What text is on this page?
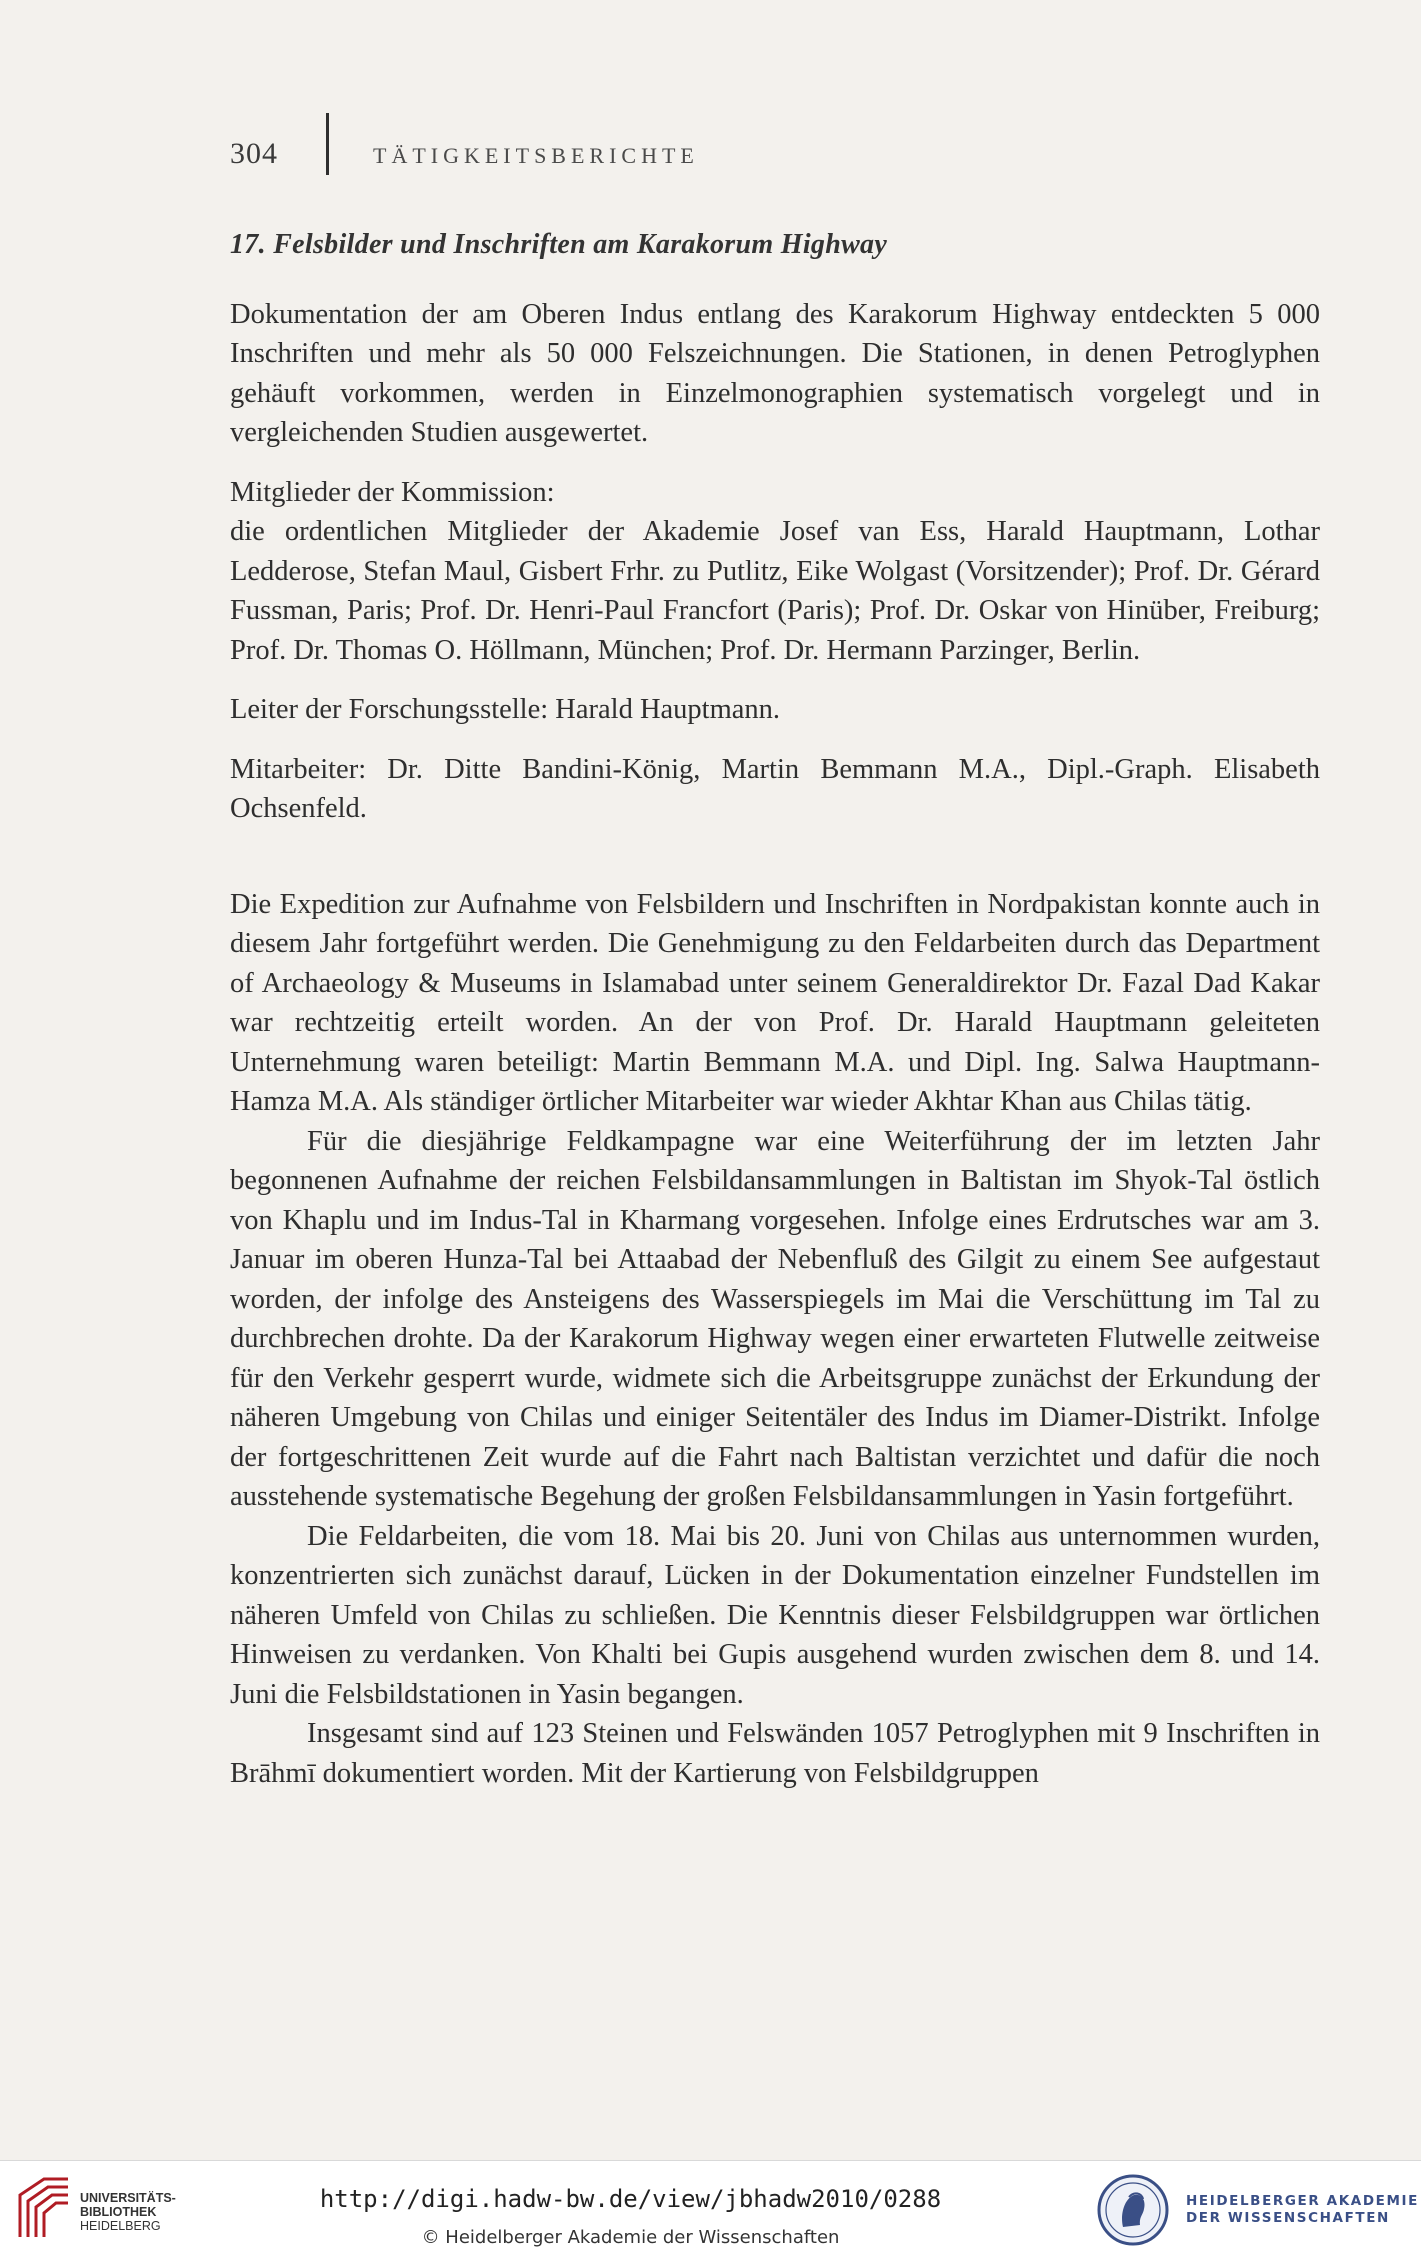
304	TÄTIGKEITSBERICHTE
17. Felsbilder und Inschriften am Karakorum Highway

Dokumentation der am Oberen Indus entlang des Karakorum Highway entdeckten 5 000 Inschriften und mehr als 50 000 Felszeichnungen. Die Stationen, in denen Petroglyphen gehäuft vorkommen, werden in Einzelmonographien systematisch vorgelegt und in vergleichenden Studien ausgewertet.

Mitglieder der Kommission:

die ordentlichen Mitglieder der Akademie Josef van Ess, Harald Hauptmann, Lothar Ledderose, Stefan Maul, Gisbert Frhr. zu Putlitz, Eike Wolgast (Vorsitzender); Prof. Dr. Gérard Fussman, Paris; Prof. Dr. Henri-Paul Francfort (Paris); Prof. Dr. Oskar von Hinüber, Freiburg; Prof. Dr. Thomas O. Höllmann, München; Prof. Dr. Hermann Parzinger, Berlin.

Leiter der Forschungsstelle: Harald Hauptmann.

Mitarbeiter: Dr. Ditte Bandini-König, Martin Bemmann M.A., Dipl.-Graph. Elisabeth Ochsenfeld.

Die Expedition zur Aufnahme von Felsbildern und Inschriften in Nordpakistan konnte auch in diesem Jahr fortgeführt werden. Die Genehmigung zu den Feldarbeiten durch das Department of Archaeology & Museums in Islamabad unter seinem Generaldirektor Dr. Fazal Dad Kakar war rechtzeitig erteilt worden. An der von Prof. Dr. Harald Hauptmann geleiteten Unternehmung waren beteiligt: Martin Bemmann M.A. und Dipl. Ing. Salwa Hauptmann-Hamza M.A. Als ständiger örtlicher Mitarbeiter war wieder Akhtar Khan aus Chilas tätig.

Für die diesjährige Feldkampagne war eine Weiterführung der im letzten Jahr begonnenen Aufnahme der reichen Felsbildansammlungen in Baltistan im Shyok-Tal östlich von Khaplu und im Indus-Tal in Kharmang vorgesehen. Infolge eines Erdrutsches war am 3. Januar im oberen Hunza-Tal bei Attaabad der Nebenfluß des Gilgit zu einem See aufgestaut worden, der infolge des Ansteigens des Wasserspiegels im Mai die Verschüttung im Tal zu durchbrechen drohte. Da der Karakorum Highway wegen einer erwarteten Flutwelle zeitweise für den Verkehr gesperrt wurde, widmete sich die Arbeitsgruppe zunächst der Erkundung der näheren Umgebung von Chilas und einiger Seitentäler des Indus im Diamer-Distrikt. Infolge der fortgeschrittenen Zeit wurde auf die Fahrt nach Baltistan verzichtet und dafür die noch ausstehende systematische Begehung der großen Felsbildansammlungen in Yasin fortgeführt.

Die Feldarbeiten, die vom 18. Mai bis 20. Juni von Chilas aus unternommen wurden, konzentrierten sich zunächst darauf, Lücken in der Dokumentation einzelner Fundstellen im näheren Umfeld von Chilas zu schließen. Die Kenntnis dieser Felsbildgruppen war örtlichen Hinweisen zu verdanken. Von Khalti bei Gupis ausgehend wurden zwischen dem 8. und 14. Juni die Felsbildstationen in Yasin begangen.

Insgesamt sind auf 123 Steinen und Felswänden 1057 Petroglyphen mit 9 Inschriften in Brāhmī dokumentiert worden. Mit der Kartierung von Felsbildgruppen

UNIVERSITÄTS-
BIBLIOTHEK
HEIDELBERG
http://digi.hadw-bw.de/view/jbhadw2010/0288
© Heidelberger Akademie der Wissenschaften
HEIDELBERGER AKADEMIE
DER WISSENSCHAFTEN
